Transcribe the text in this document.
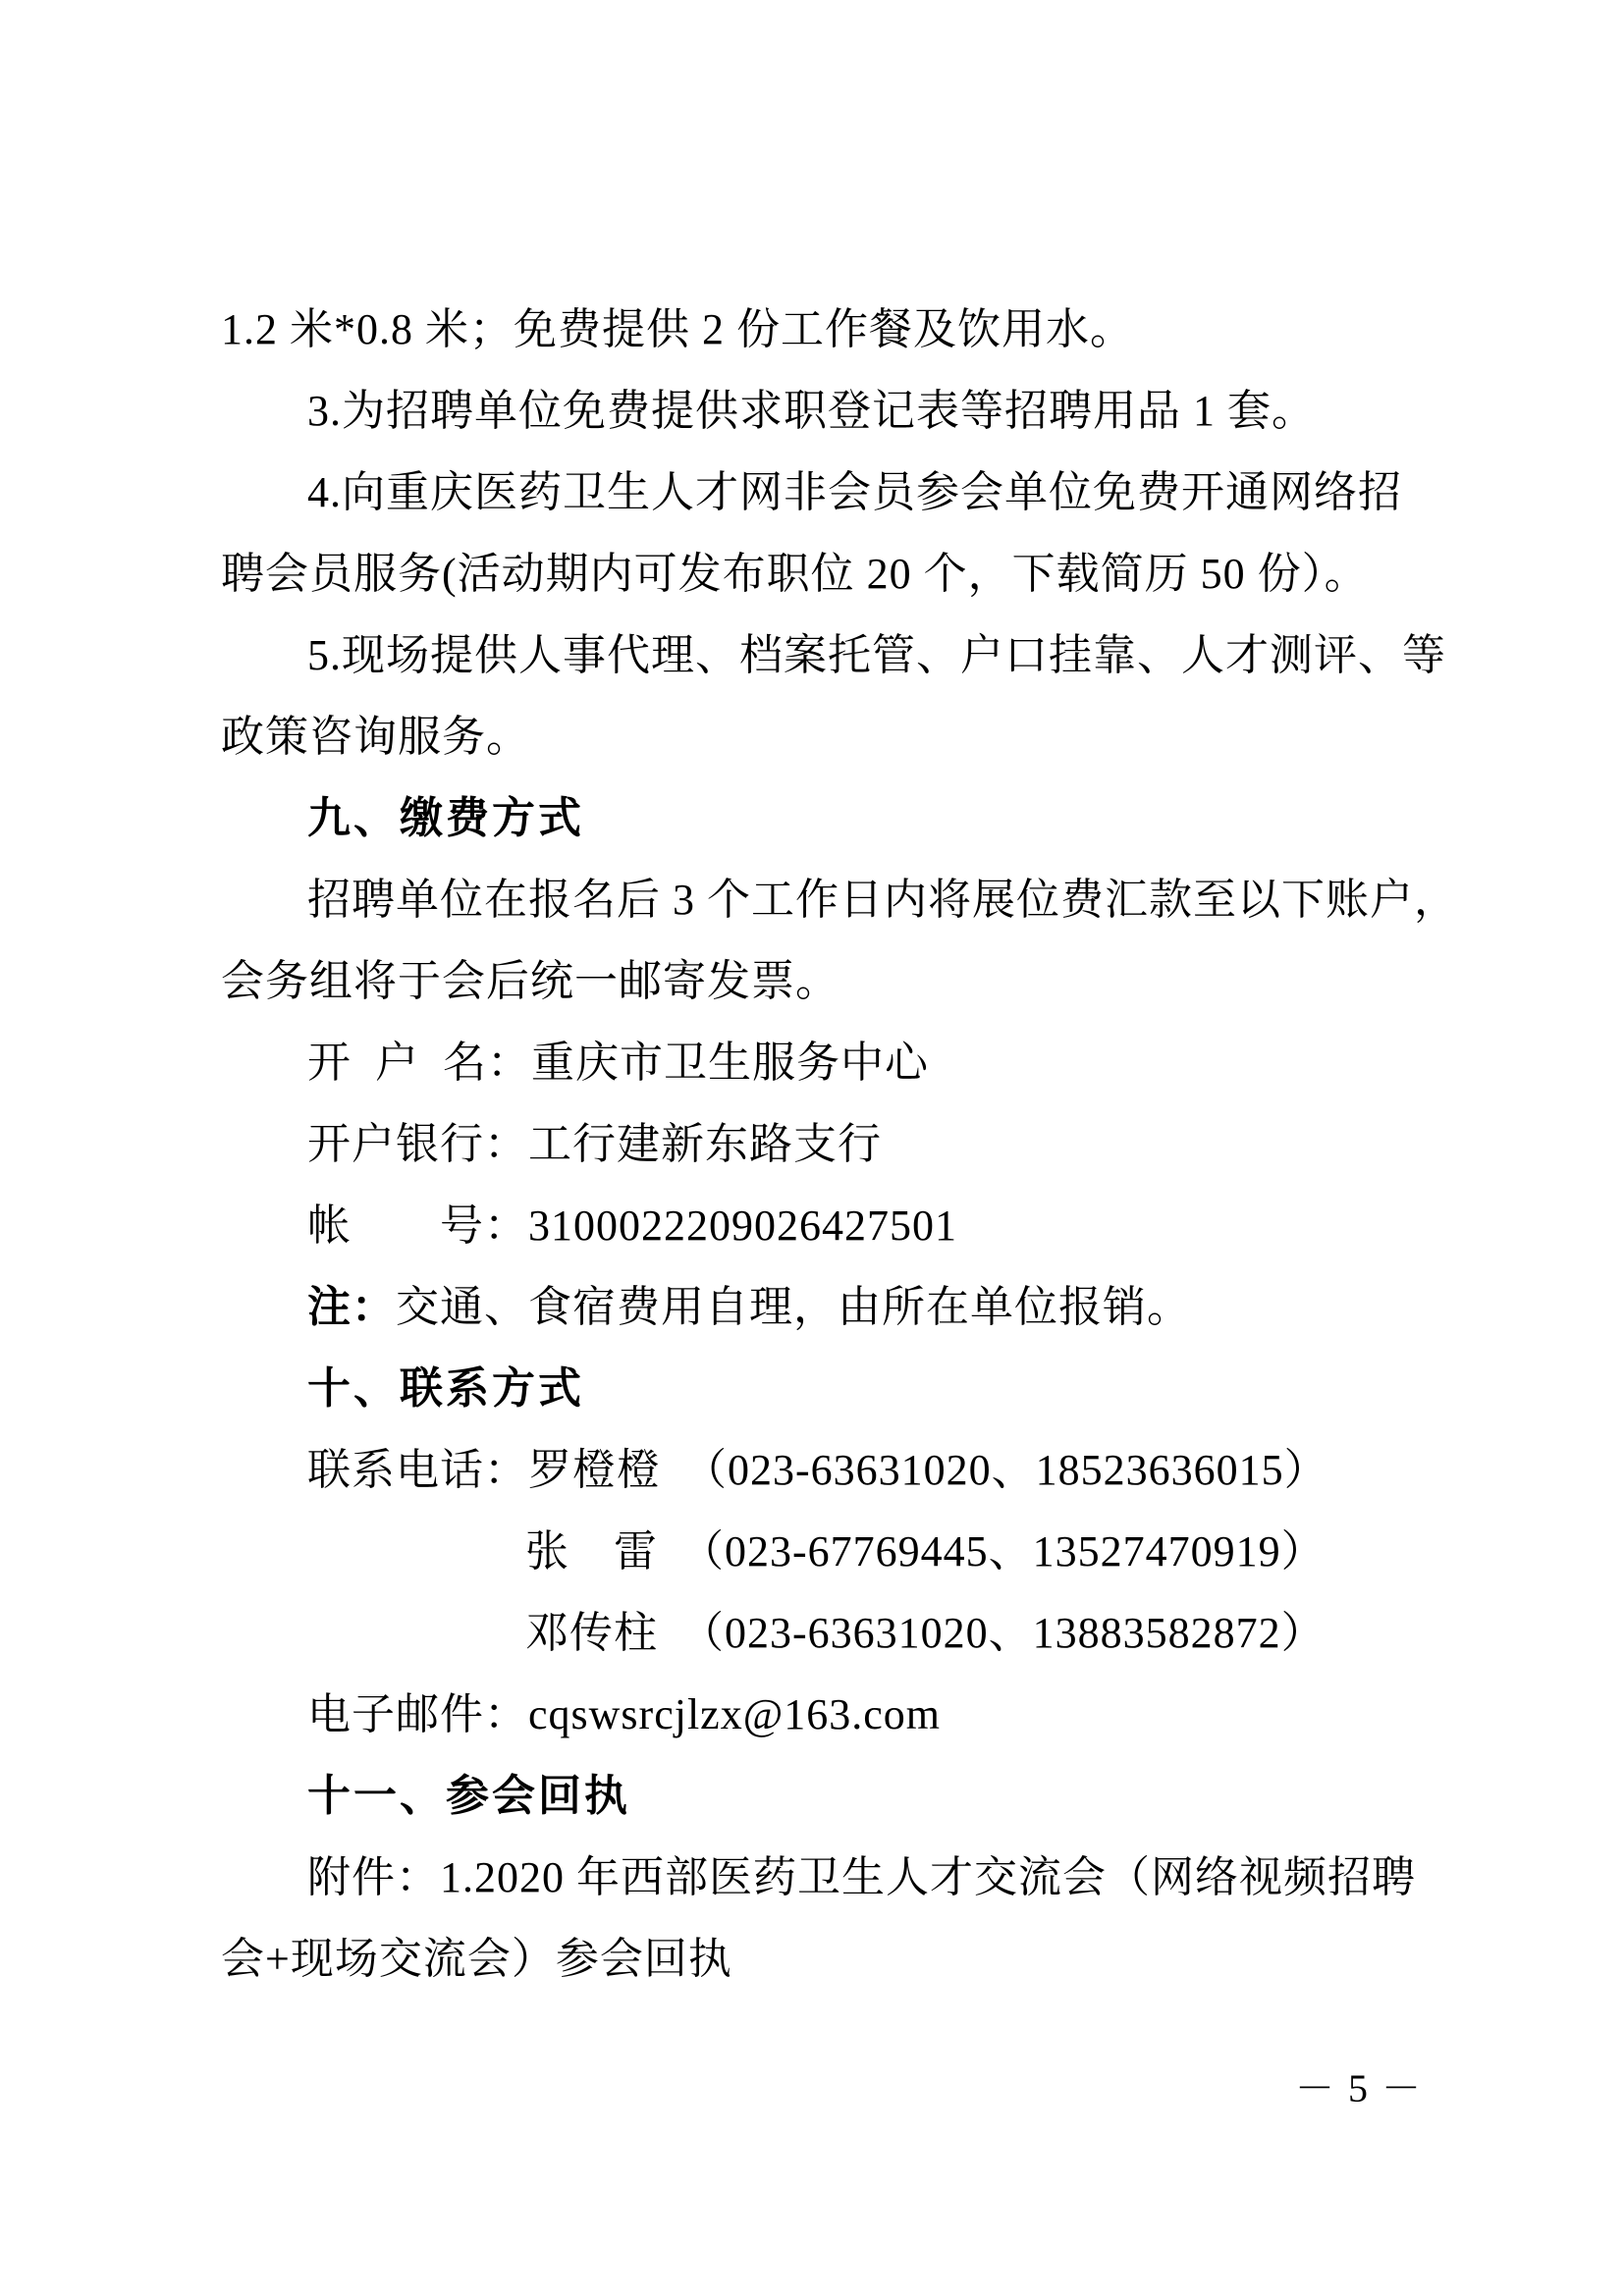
1.2 米*0.8 米；免费提供 2 份工作餐及饮用水。
3.为招聘单位免费提供求职登记表等招聘用品 1 套。
4.向重庆医药卫生人才网非会员参会单位免费开通网络招
聘会员服务(活动期内可发布职位 20 个，下载简历 50 份）。
5.现场提供人事代理、档案托管、户口挂靠、人才测评、等
政策咨询服务。
九、缴费方式
招聘单位在报名后 3 个工作日内将展位费汇款至以下账户，
会务组将于会后统一邮寄发票。
开  户  名：重庆市卫生服务中心
开户银行：工行建新东路支行
帐　　号：3100022209026427501
注：交通、食宿费用自理，由所在单位报销。
十、联系方式
联系电话：罗橙橙　（023-63631020、18523636015）
张　雷　（023-67769445、13527470919）
邓传柱　（023-63631020、13883582872）
电子邮件：cqswsrcjlzx@163.com
十一、参会回执
附件：1.2020 年西部医药卫生人才交流会（网络视频招聘
会+现场交流会）参会回执
－ 5 －
